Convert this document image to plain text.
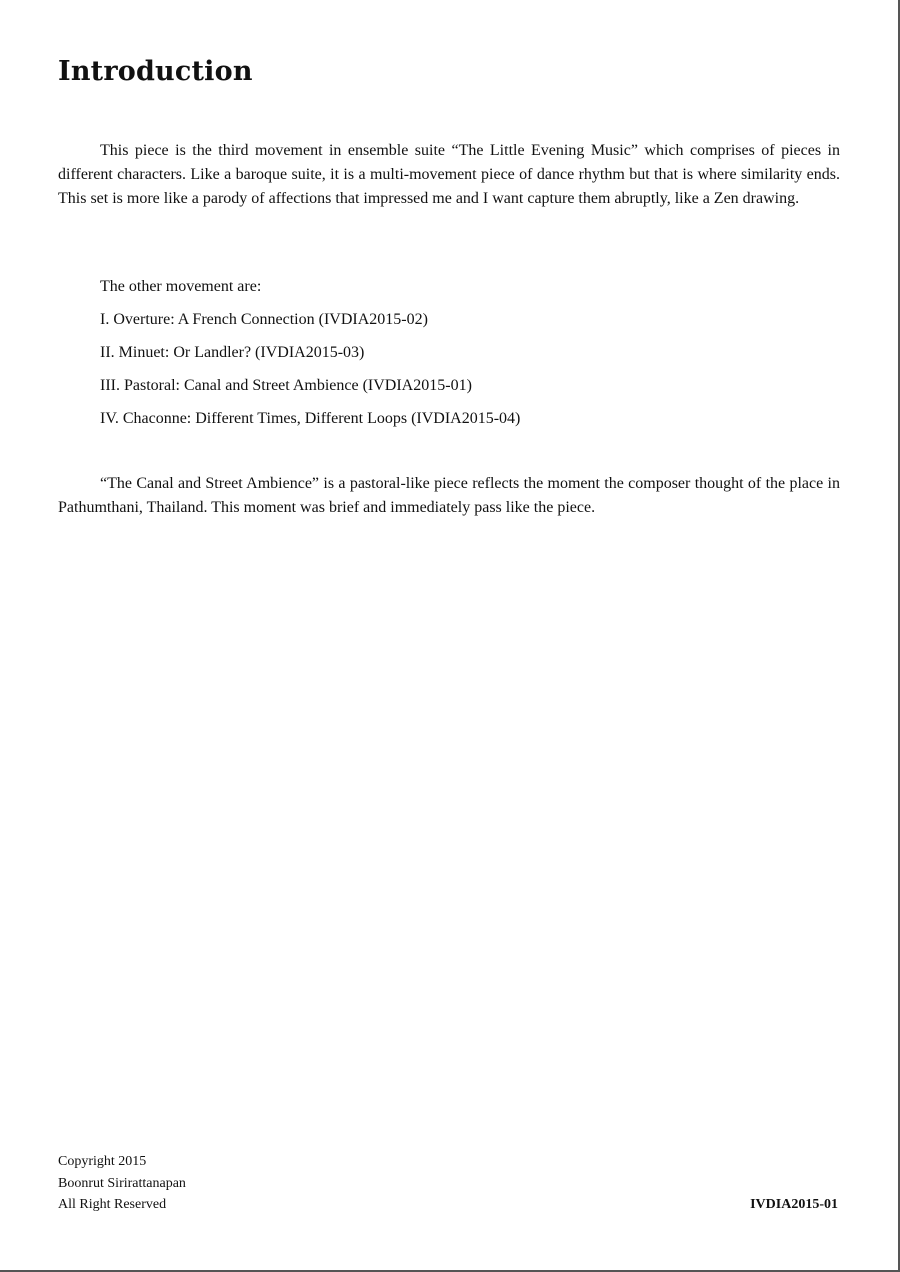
Introduction

This piece is the third movement in ensemble suite “The Little Evening Music” which comprises of pieces in different characters. Like a baroque suite, it is a multi-movement piece of dance rhythm but that is where similarity ends. This set is more like a parody of affections that impressed me and I want capture them abruptly, like a Zen drawing.

The other movement are:

I. Overture: A French Connection (IVDIA2015-02)
II. Minuet: Or Landler? (IVDIA2015-03)
III. Pastoral: Canal and Street Ambience (IVDIA2015-01)
IV. Chaconne: Different Times, Different Loops (IVDIA2015-04)

“The Canal and Street Ambience” is a pastoral-like piece reflects the moment the composer thought of the place in Pathumthani, Thailand. This moment was brief and immediately pass like the piece.

Copyright 2015
Boonrut Sirirattanapan
All Right Reserved	IVDIA2015-01
